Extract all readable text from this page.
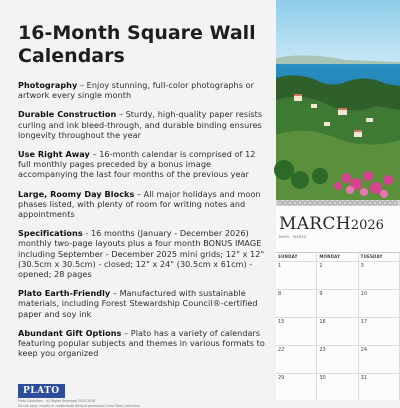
16-Month Square Wall Calendars
Photography – Enjoy stunning, full-color photographs or artwork every single month
Durable Construction – Sturdy, high-quality paper resists curling and ink bleed-through, and durable binding ensures longevity throughout the year
Use Right Away – 16-month calendar is comprised of 12 full monthly pages preceded by a bonus image accompanying the last four months of the previous year
Large, Roomy Day Blocks – All major holidays and moon phases listed, with plenty of room for writing notes and appointments
Specifications - 16 months (January - December 2026) monthly two-page layouts plus a four month BONUS IMAGE including September - December 2025 mini grids; 12" x 12" (30.5cm x 30.5cm) - closed; 12" x 24" (30.5cm x 61cm) - opened; 28 pages
Plato Earth-Friendly – Manufactured with sustainable materials, including Forest Stewardship Council®-certified paper and soy ink
Abundant Gift Options – Plato has a variety of calendars featuring popular subjects and themes in various formats to keep you organized
PLATO
Plato Calendars · All Rights Reserved 2025-2026
Do not copy, modify or redistribute without permission from Plato Calendars
MARCH2026
MARS · MARZO
SUNDAY	MONDAY	TUESDAY
1	2	3
8	9	10
15	16	17
22	23	24
29	30	31
